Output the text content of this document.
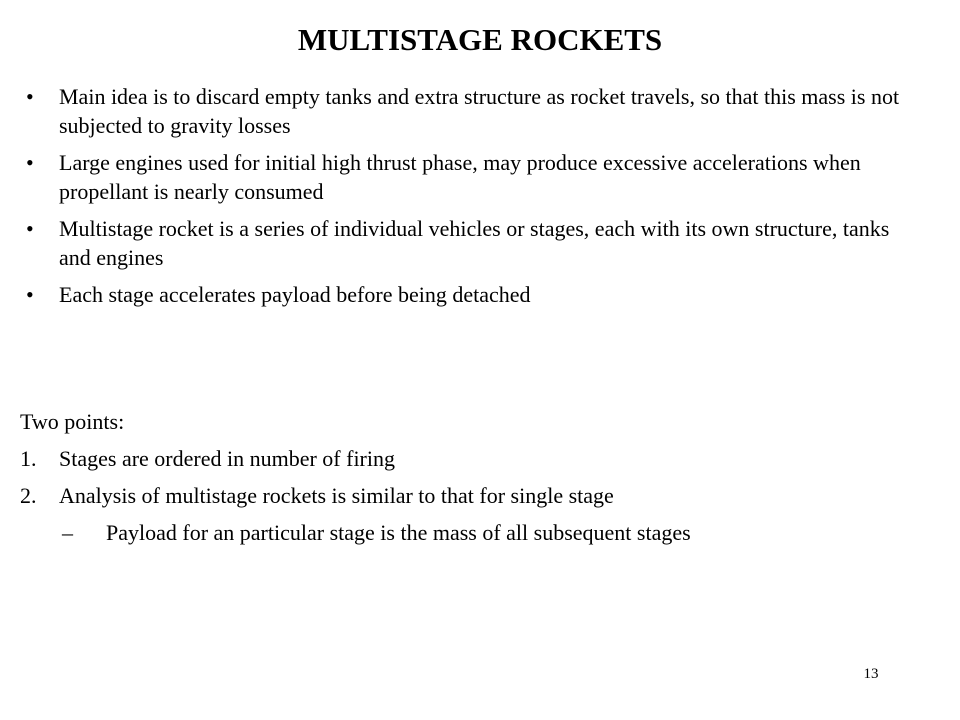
MULTISTAGE ROCKETS
• Main idea is to discard empty tanks and extra structure as rocket travels, so that this mass is not subjected to gravity losses
• Large engines used for initial high thrust phase, may produce excessive accelerations when propellant is nearly consumed
• Multistage rocket is a series of individual vehicles or stages, each with its own structure, tanks and engines
• Each stage accelerates payload before being detached
Two points:
1. Stages are ordered in number of firing
2. Analysis of multistage rockets is similar to that for single stage
– Payload for an particular stage is the mass of all subsequent stages
13
